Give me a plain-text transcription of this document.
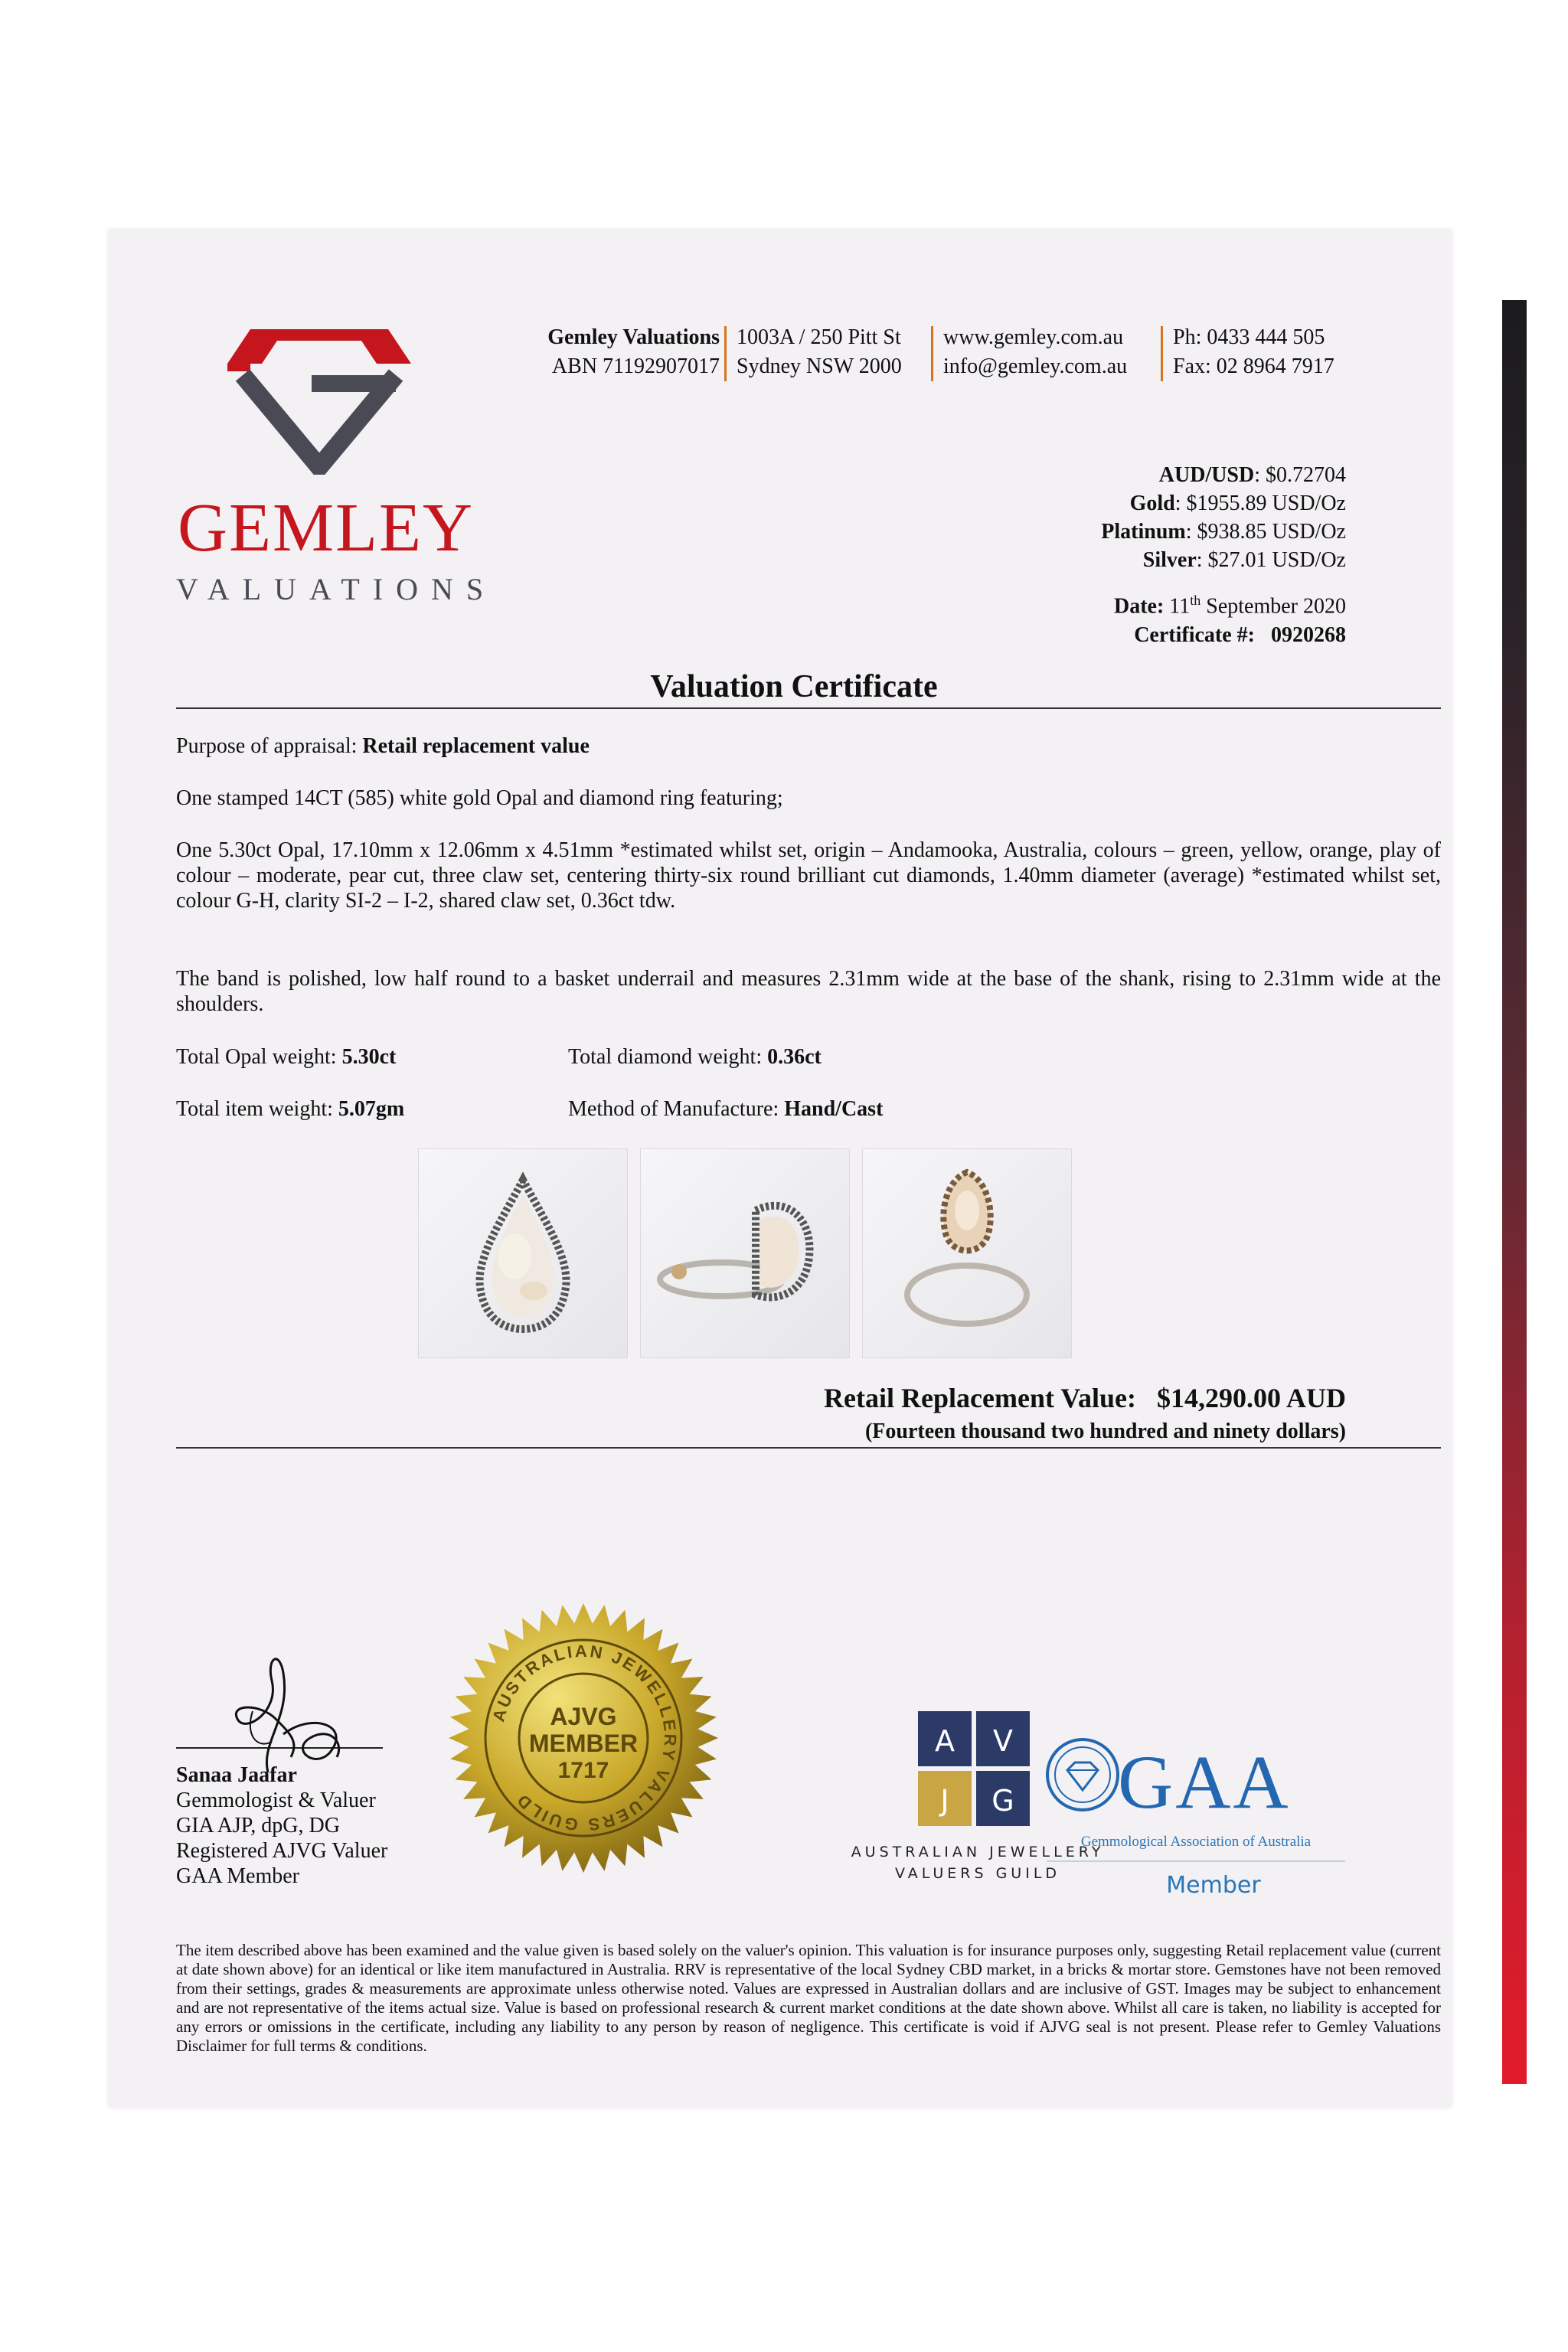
GEMLEY
VALUATIONS
Gemley Valuations
ABN 71192907017
1003A / 250 Pitt St
Sydney NSW 2000
www.gemley.com.au
info@gemley.com.au
Ph: 0433 444 505
Fax: 02 8964 7917
AUD/USD: $0.72704
Gold: $1955.89 USD/Oz
Platinum: $938.85 USD/Oz
Silver: $27.01 USD/Oz
Date: 11th September 2020
Certificate #: 0920268
Valuation Certificate
Purpose of appraisal: Retail replacement value
One stamped 14CT (585) white gold Opal and diamond ring featuring;
One 5.30ct Opal, 17.10mm x 12.06mm x 4.51mm *estimated whilst set, origin – Andamooka, Australia, colours – green, yellow, orange, play of colour – moderate, pear cut, three claw set, centering thirty-six round brilliant cut diamonds, 1.40mm diameter (average) *estimated whilst set, colour G-H, clarity SI-2 – I-2, shared claw set, 0.36ct tdw.
The band is polished, low half round to a basket underrail and measures 2.31mm wide at the base of the shank, rising to 2.31mm wide at the shoulders.
Total Opal weight: 5.30ct	Total diamond weight: 0.36ct
Total item weight: 5.07gm	Method of Manufacture: Hand/Cast
Retail Replacement Value: $14,290.00 AUD
(Fourteen thousand two hundred and ninety dollars)
Sanaa Jaafar
Gemmologist & Valuer
GIA AJP, dpG, DG
Registered AJVG Valuer
GAA Member
AJVG
MEMBER
1717
AUSTRALIAN JEWELLERY VALUERS GUILD
A V
J G
AUSTRALIAN JEWELLERY
VALUERS GUILD
GAA
Gemmological Association of Australia
Member
The item described above has been examined and the value given is based solely on the valuer's opinion. This valuation is for insurance purposes only, suggesting Retail replacement value (current at date shown above) for an identical or like item manufactured in Australia. RRV is representative of the local Sydney CBD market, in a bricks & mortar store. Gemstones have not been removed from their settings, grades & measurements are approximate unless otherwise noted. Values are expressed in Australian dollars and are inclusive of GST. Images may be subject to enhancement and are not representative of the items actual size. Value is based on professional research & current market conditions at the date shown above. Whilst all care is taken, no liability is accepted for any errors or omissions in the certificate, including any liability to any person by reason of negligence. This certificate is void if AJVG seal is not present. Please refer to Gemley Valuations Disclaimer for full terms & conditions.
